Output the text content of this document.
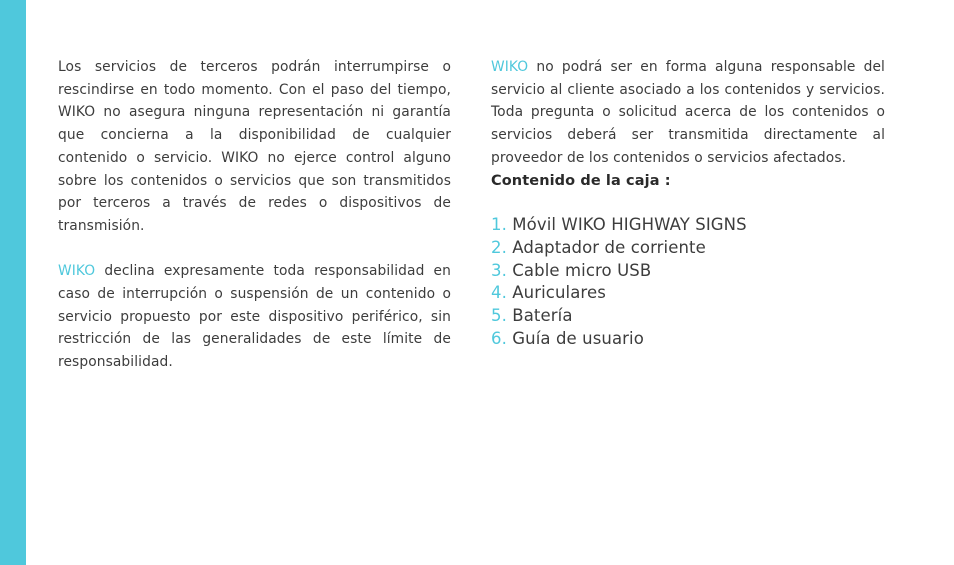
Los servicios de terceros podrán interrumpirse o rescindirse en todo momento. Con el paso del tiempo, WIKO no asegura ninguna representación ni garantía que concierna a la disponibilidad de cualquier contenido o servicio. WIKO no ejerce control alguno sobre los contenidos o servicios que son transmitidos por terceros a través de redes o dispositivos de transmisión.

WIKO declina expresamente toda responsabilidad en caso de interrupción o suspensión de un contenido o servicio propuesto por este dispositivo periférico, sin restricción de las generalidades de este límite de responsabilidad.

WIKO no podrá ser en forma alguna responsable del servicio al cliente asociado a los contenidos y servicios. Toda pregunta o solicitud acerca de los contenidos o servicios deberá ser transmitida directamente al proveedor de los contenidos o servicios afectados.

Contenido de la caja :
1. Móvil WIKO HIGHWAY SIGNS
2. Adaptador de corriente
3. Cable micro USB
4. Auriculares
5. Batería
6. Guía de usuario
